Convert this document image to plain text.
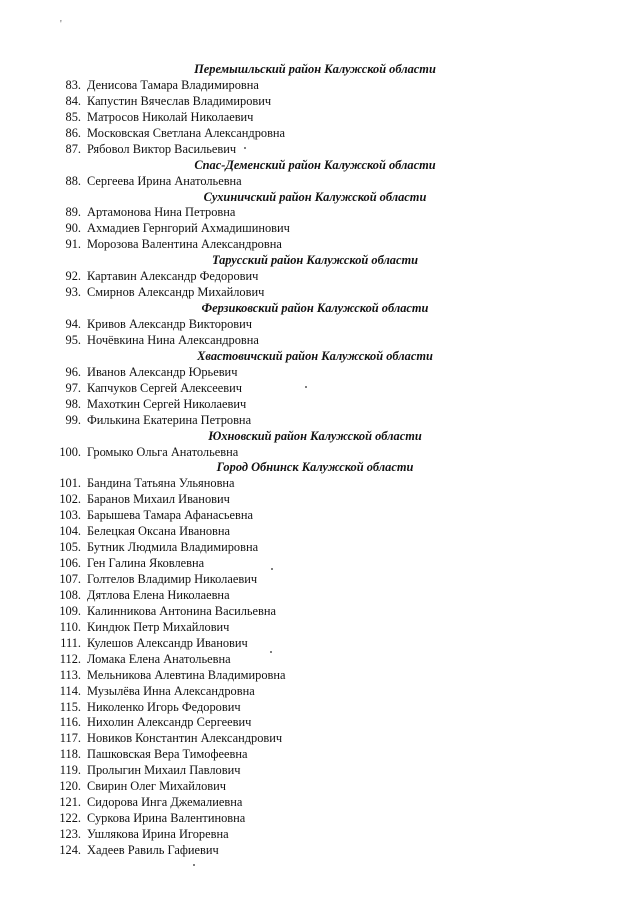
Перемышльский район Калужской области
83. Денисова Тамара Владимировна
84. Капустин Вячеслав Владимирович
85. Матросов Николай Николаевич
86. Московская Светлана Александровна
87. Рябовол Виктор Васильевич
Спас-Деменский район Калужской области
88. Сергеева Ирина Анатольевна
Сухиничский район Калужской области
89. Артамонова Нина Петровна
90. Ахмадиев Гернгорий Ахмадишинович
91. Морозова Валентина Александровна
Тарусский район Калужской области
92. Картавин Александр Федорович
93. Смирнов Александр Михайлович
Ферзиковский район Калужской области
94. Кривов Александр Викторович
95. Ночёвкина Нина Александровна
Хвастовичский район Калужской области
96. Иванов Александр Юрьевич
97. Капчуков Сергей Алексеевич
98. Махоткин Сергей Николаевич
99. Филькина Екатерина Петровна
Юхновский район Калужской области
100. Громыко Ольга Анатольевна
Город Обнинск Калужской области
101. Бандина Татьяна Ульяновна
102. Баранов Михаил Иванович
103. Барышева Тамара Афанасьевна
104. Белецкая Оксана Ивановна
105. Бутник Людмила Владимировна
106. Ген Галина Яковлевна
107. Голтелов Владимир Николаевич
108. Дятлова Елена Николаевна
109. Калинникова Антонина Васильевна
110. Киндюк Петр Михайлович
111. Кулешов Александр Иванович
112. Ломака Елена Анатольевна
113. Мельникова Алевтина Владимировна
114. Музылёва Инна Александровна
115. Николенко Игорь Федорович
116. Нихолин Александр Сергеевич
117. Новиков Константин Александрович
118. Пашковская Вера Тимофеевна
119. Пролыгин Михаил Павлович
120. Свирин Олег Михайлович
121. Сидорова Инга Джемалиевна
122. Суркова Ирина Валентиновна
123. Ушлякова Ирина Игоревна
124. Хадеев Равиль Гафиевич
'
